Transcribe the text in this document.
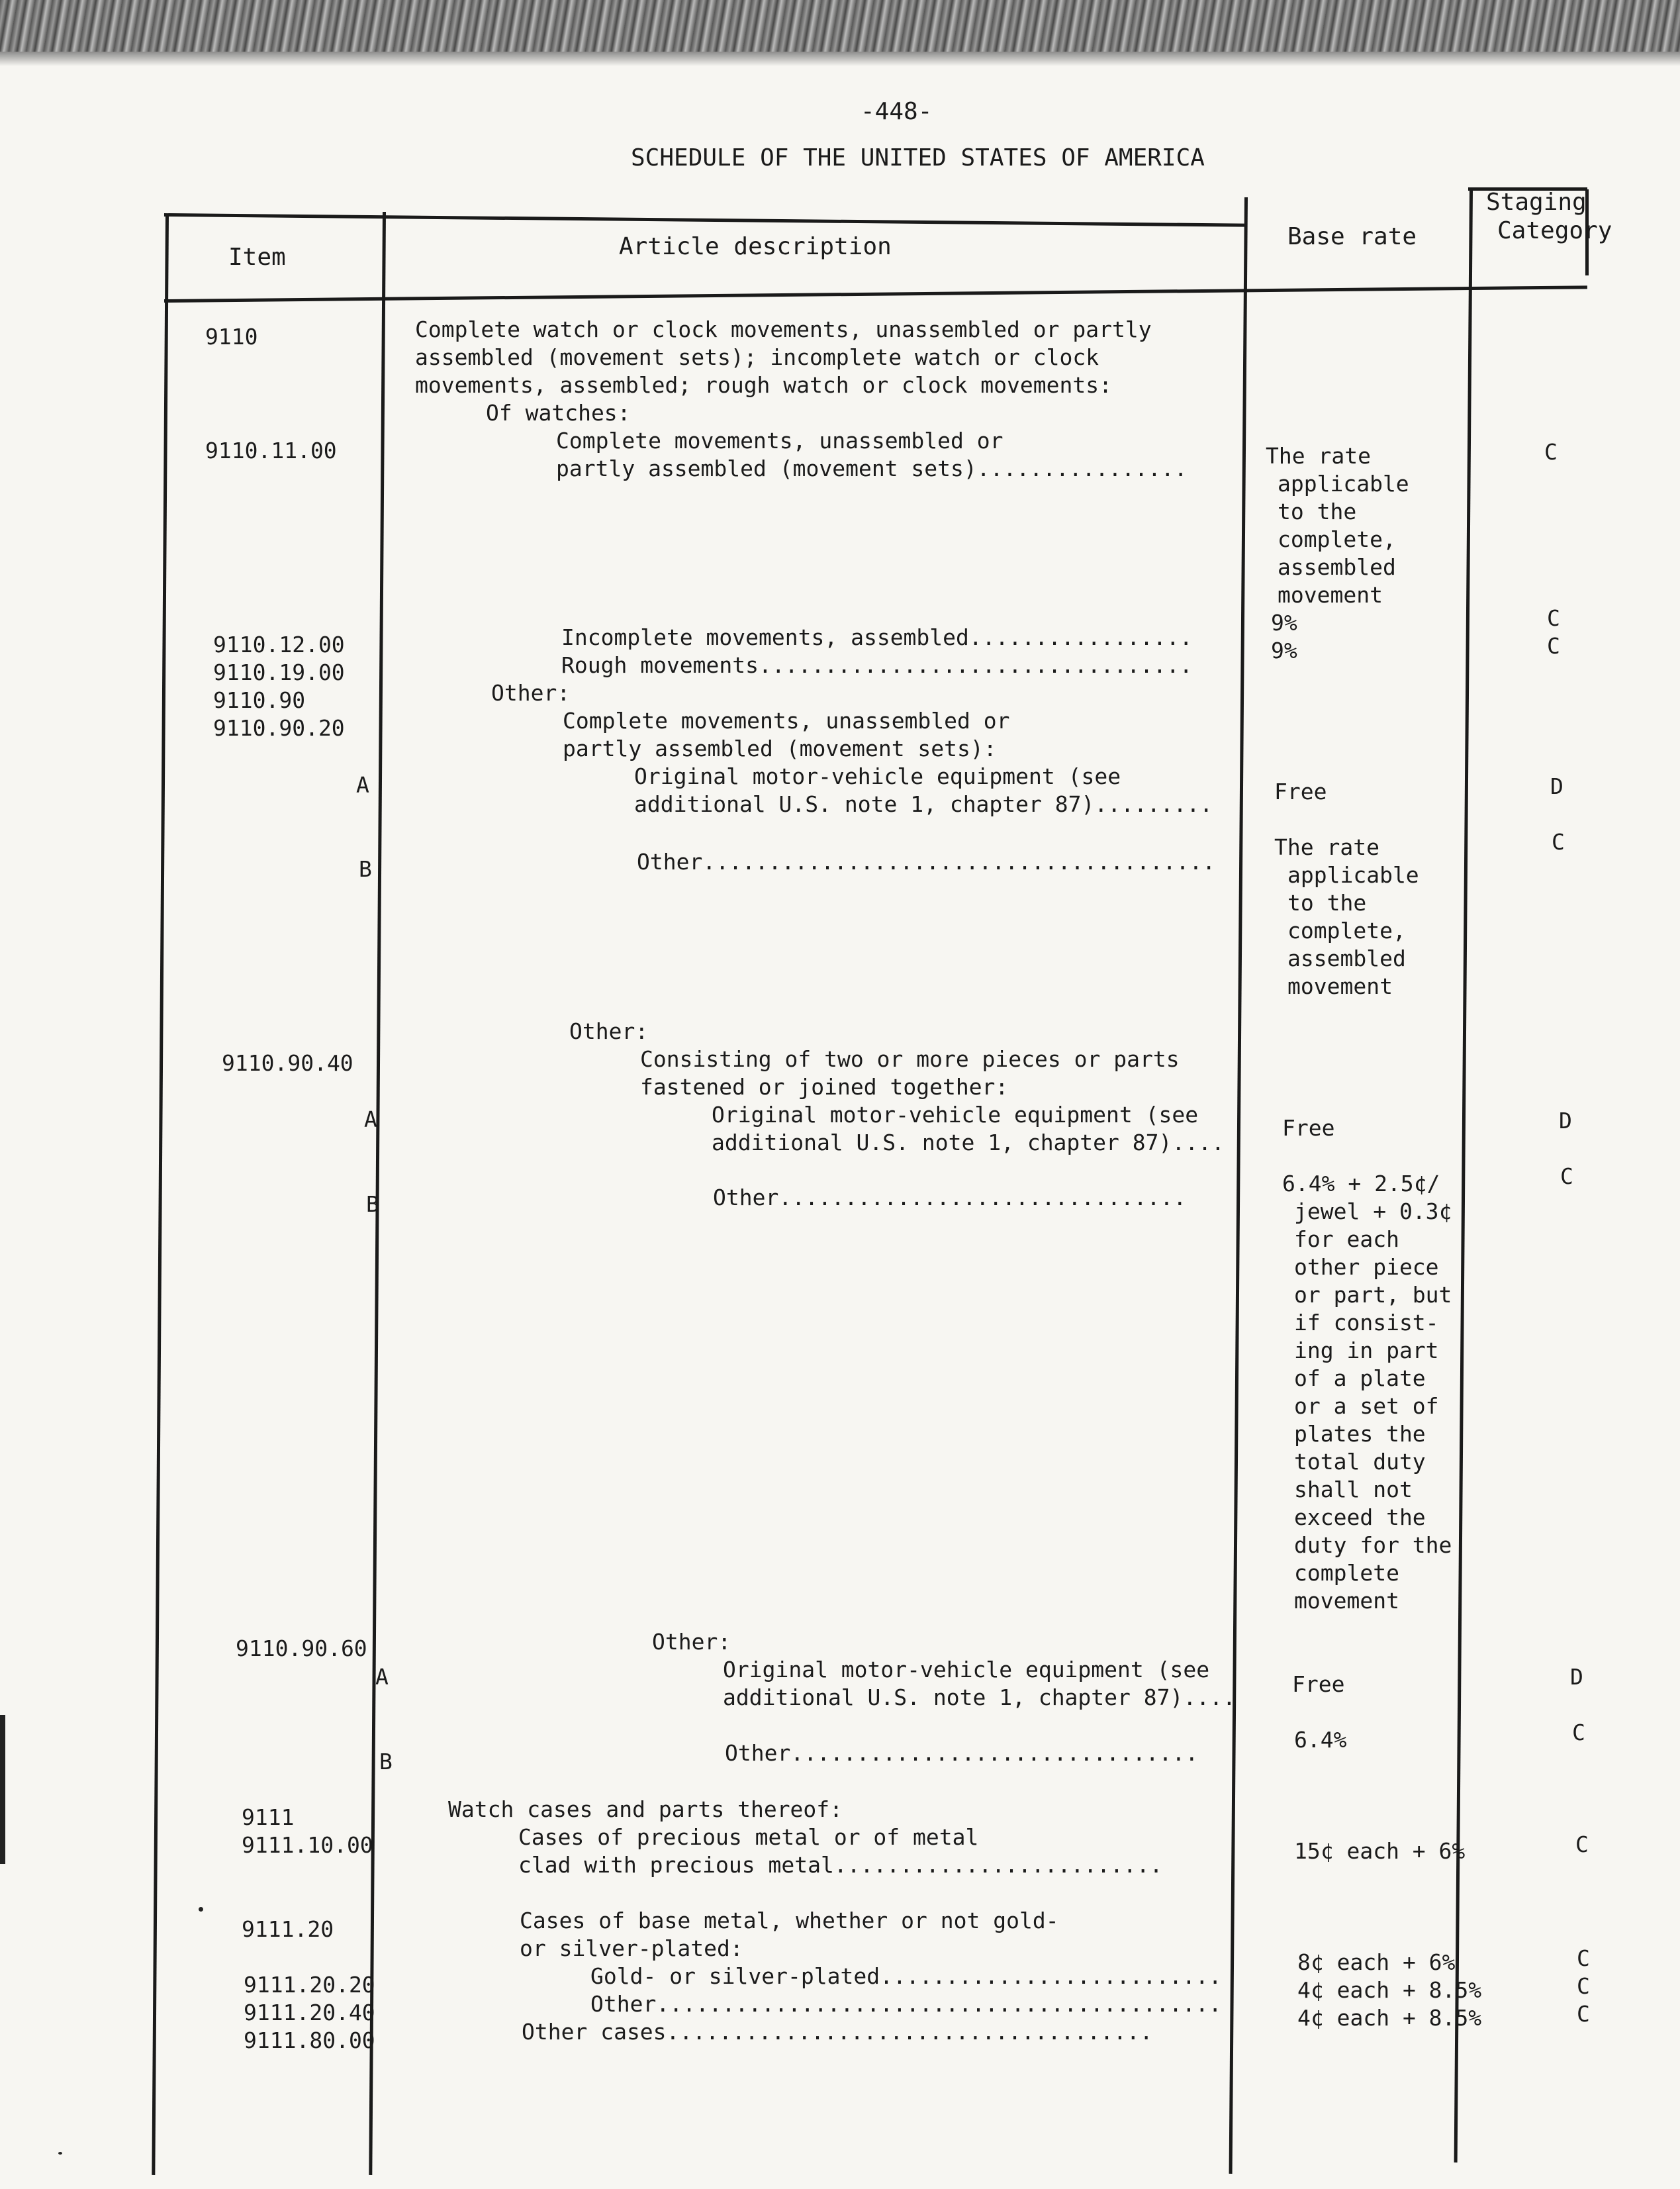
-448-
SCHEDULE OF THE UNITED STATES OF AMERICA
Item	Article description	Base rate
Staging
Category
9110
9110.11.00
9110.12.00
9110.19.00
9110.90
9110.90.20
A
B
9110.90.40
A
B
9110.90.60
A
B
9111
9111.10.00
9111.20
9111.20.20
9111.20.40
9111.80.00
Complete watch or clock movements, unassembled or partly
assembled (movement sets); incomplete watch or clock
movements, assembled; rough watch or clock movements:
Of watches:
Complete movements, unassembled or
partly assembled (movement sets)................
Incomplete movements, assembled.................
Rough movements.................................
Other:
Complete movements, unassembled or
partly assembled (movement sets):
Original motor-vehicle equipment (see
additional U.S. note 1, chapter 87).........
Other.......................................
Other:
Consisting of two or more pieces or parts
fastened or joined together:
Original motor-vehicle equipment (see
additional U.S. note 1, chapter 87)....
Other...............................
Other:
Original motor-vehicle equipment (see
additional U.S. note 1, chapter 87)....
Other...............................
Watch cases and parts thereof:
Cases of precious metal or of metal
clad with precious metal.........................
Cases of base metal, whether or not gold-
or silver-plated:
Gold- or silver-plated..........................
Other...........................................
Other cases.....................................
The rate
applicable
to the
complete,
assembled
movement
9%
9%
Free
The rate
applicable
to the
complete,
assembled
movement
Free
6.4% + 2.5¢/
jewel + 0.3¢
for each
other piece
or part, but
if consist-
ing in part
of a plate
or a set of
plates the
total duty
shall not
exceed the
duty for the
complete
movement
Free
6.4%
15¢ each + 6%
8¢ each + 6%
4¢ each + 8.5%
4¢ each + 8.5%
C
C
C
D
C
D
C
D
C
C
C
C
C
